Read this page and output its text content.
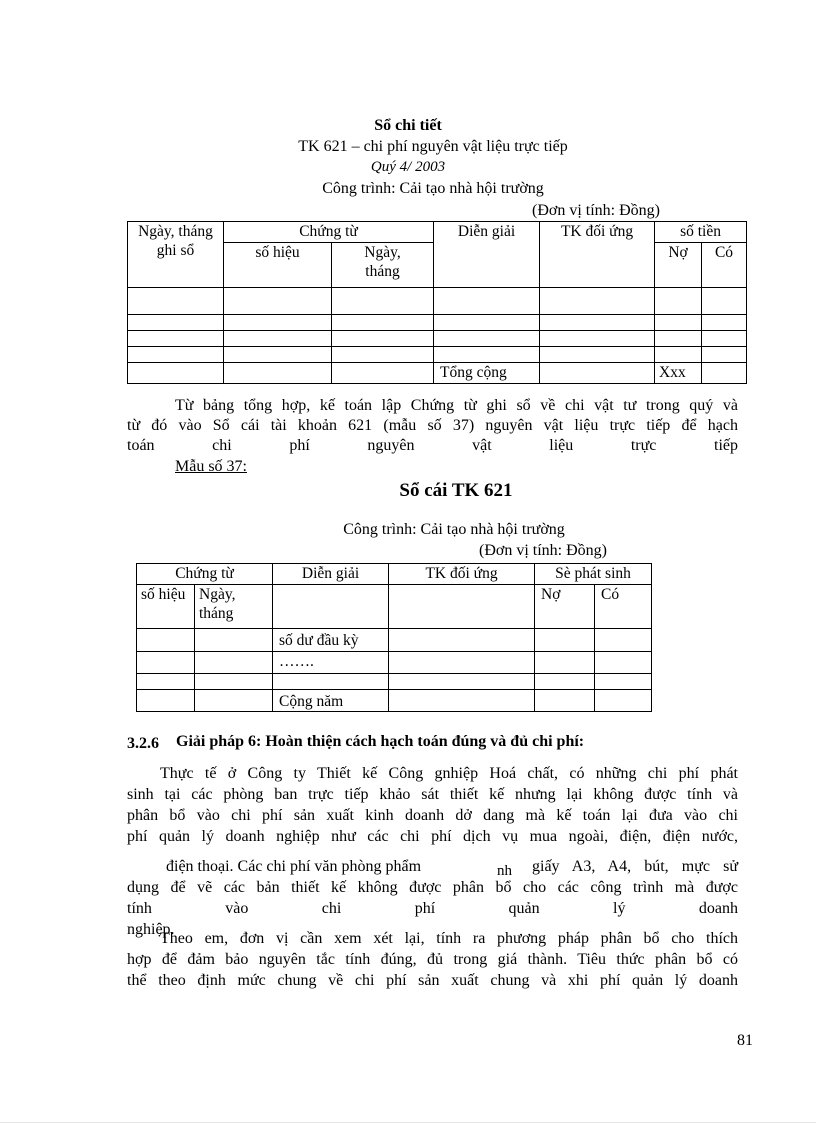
Sổ chi tiết
TK 621 – chi phí nguyên vật liệu trực tiếp
Quý 4/ 2003
Công trình: Cải tạo nhà hội trường
(Đơn vị tính: Đồng)
Ngày, tháng ghi sổ	Chứng từ		Diễn giải	TK đối ứng	số tiền	
	số hiệu	Ngày, tháng			Nợ	Có

			Tổng cộng		Xxx	
Từ bảng tổng hợp, kế toán lập Chứng từ ghi sổ về chi vật tư trong quý và
từ đó vào Sổ cái tài khoản 621 (mẫu số 37) nguyên vật liệu trực tiếp để hạch
toán chi phí nguyên vật liệu trực tiếp
Mẫu số 37:
Sổ cái TK 621
Công trình: Cải tạo nhà hội trường
(Đơn vị tính: Đồng)
Chứng từ		Diễn giải	TK đối ứng	Sè phát sinh	
số hiệu	Ngày, tháng			Nợ	Có
		số dư đầu kỳ			
		…….			

		Cộng năm			
3.2.6 Giải pháp 6: Hoàn thiện cách hạch toán đúng và đủ chi phí:
Thực tế ở Công ty Thiết kế Công gnhiệp Hoá chất, có những chi phí phát
sinh tại các phòng ban trực tiếp khảo sát thiết kế nhưng lại không được tính và
phân bổ vào chi phí sản xuất kinh doanh dở dang mà kế toán lại đưa vào chi
phí quản lý doanh nghiệp như các chi phí dịch vụ mua ngoài, điện, điện nước,
điện thoại. Các chi phí văn phòng phẩm	nh giấy A3, A4, bút, mực sử
dụng để vẽ các bản thiết kế không được phân bổ cho các công trình mà được
tính vào chi phí quản lý doanh nghiệp.
Theo em, đơn vị cần xem xét lại, tính ra phương pháp phân bổ cho thích
hợp để đảm bảo nguyên tắc tính đúng, đủ trong giá thành. Tiêu thức phân bổ có
thể theo định mức chung về chi phí sản xuất chung và xhi phí quản lý doanh
81
